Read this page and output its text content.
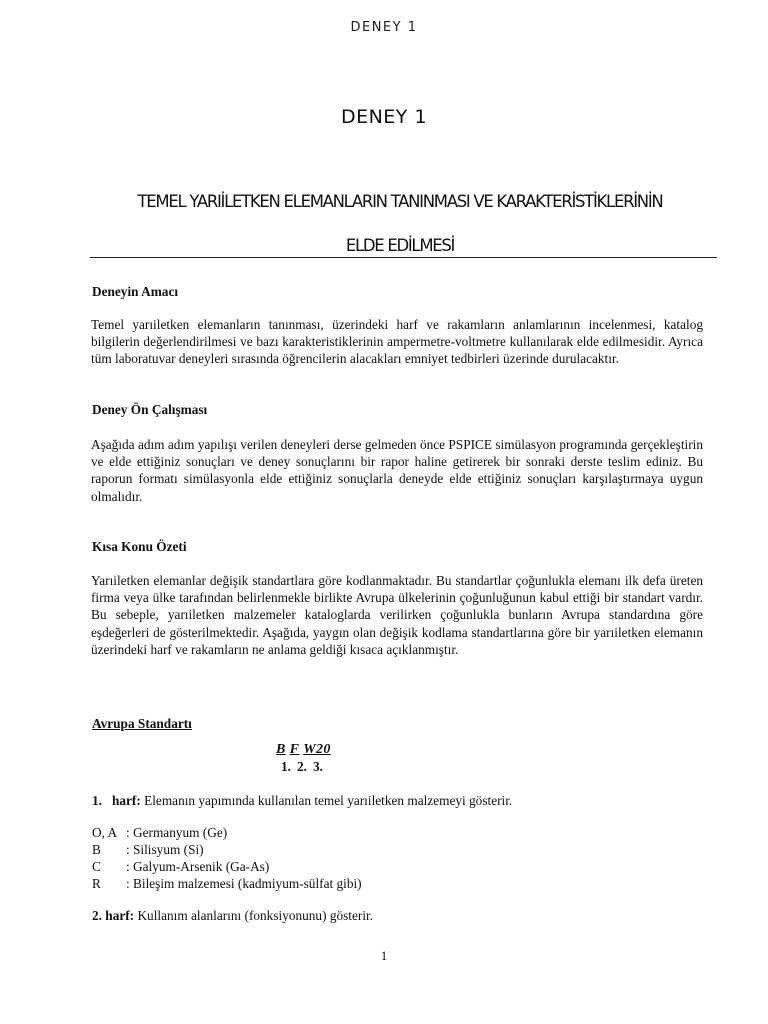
DENEY 1
DENEY 1
TEMEL YARIİLETKEN ELEMANLARIN TANINMASI VE KARAKTERİSTİKLERİNİN
ELDE EDİLMESİ
Deneyin Amacı
Temel yarıiletken elemanların tanınması, üzerindeki harf ve rakamların anlamlarının incelenmesi, katalog bilgilerin değerlendirilmesi ve bazı karakteristiklerinin ampermetre-voltmetre kullanılarak elde edilmesidir. Ayrıca tüm laboratuvar deneyleri sırasında öğrencilerin alacakları emniyet tedbirleri üzerinde durulacaktır.
Deney Ön Çalışması
Aşağıda adım adım yapılışı verilen deneyleri derse gelmeden önce PSPICE simülasyon programında gerçekleştirin ve elde ettiğiniz sonuçları ve deney sonuçlarını bir rapor haline getirerek bir sonraki derste teslim ediniz. Bu raporun formatı simülasyonla elde ettiğiniz sonuçlarla deneyde elde ettiğiniz sonuçları karşılaştırmaya uygun olmalıdır.
Kısa Konu Özeti
Yarıiletken elemanlar değişik standartlara göre kodlanmaktadır. Bu standartlar çoğunlukla elemanı ilk defa üreten firma veya ülke tarafından belirlenmekle birlikte Avrupa ülkelerinin çoğunluğunun kabul ettiği bir standart vardır. Bu sebeple, yarıiletken malzemeler kataloglarda verilirken çoğunlukla bunların Avrupa standardına göre eşdeğerleri de gösterilmektedir. Aşağıda, yaygın olan değişik kodlama standartlarına göre bir yarıiletken elemanın üzerindeki harf ve rakamların ne anlama geldiği kısaca açıklanmıştır.
Avrupa Standartı
B F W20
1. 2. 3.
1. harf: Elemanın yapımında kullanılan temel yarıiletken malzemeyi gösterir.
O, A : Germanyum (Ge)
B	: Silisyum (Si)
C	: Galyum-Arsenik (Ga-As)
R	: Bileşim malzemesi (kadmiyum-sülfat gibi)
2. harf: Kullanım alanlarını (fonksiyonunu) gösterir.
1
